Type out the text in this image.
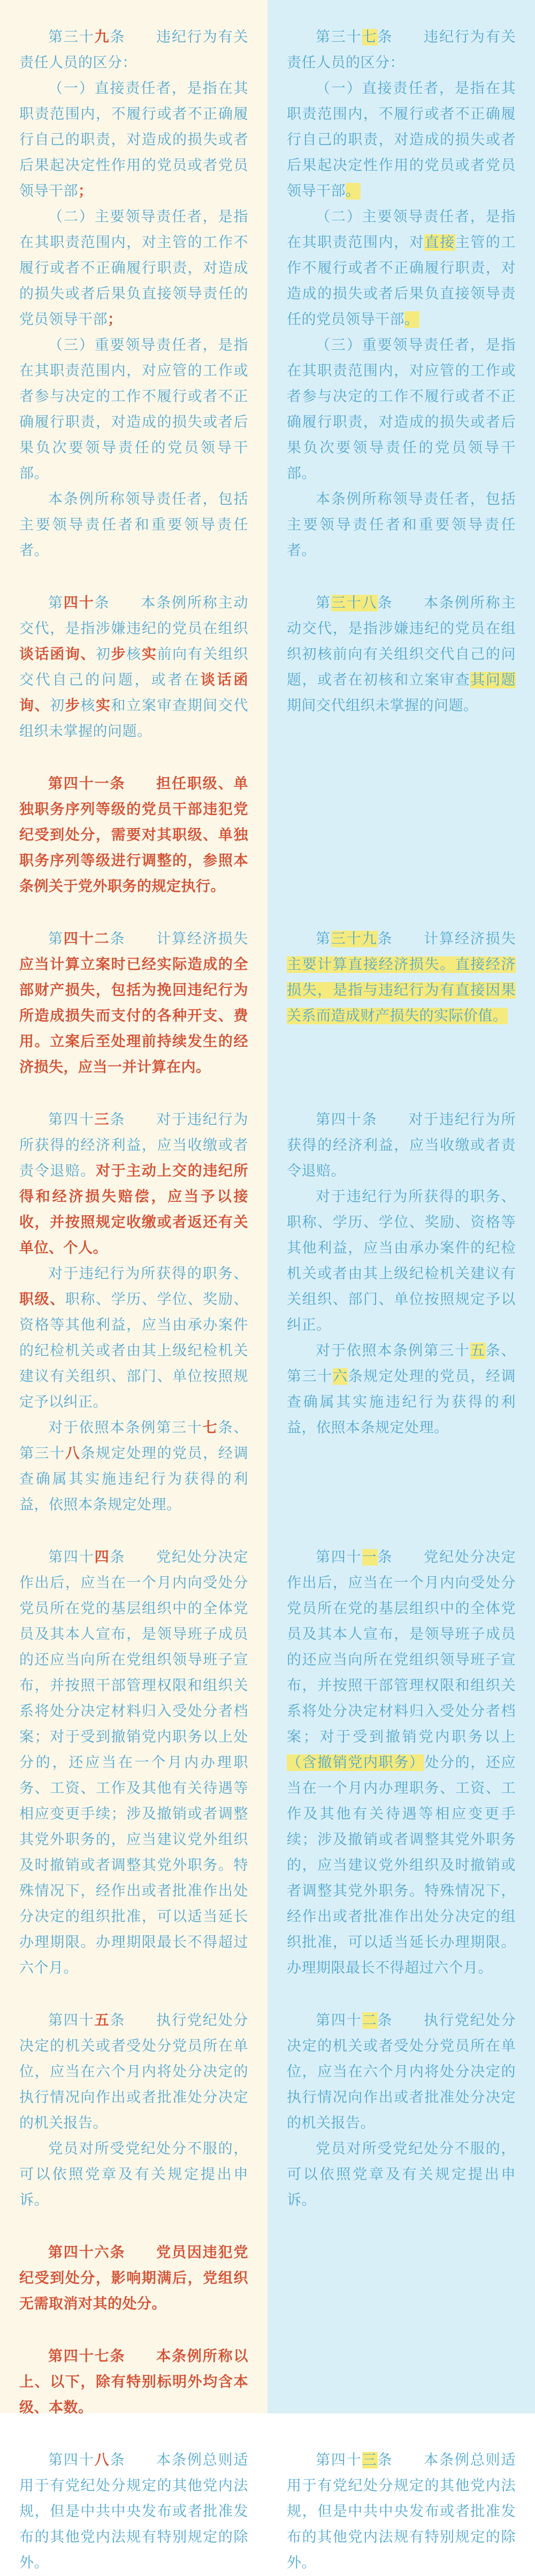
第三十九条　　违纪行为有关责任人员的区分：

（一）直接责任者，是指在其职责范围内，不履行或者不正确履行自己的职责，对造成的损失或者后果起决定性作用的党员或者党员领导干部；

（二）主要领导责任者，是指在其职责范围内，对主管的工作不履行或者不正确履行职责，对造成的损失或者后果负直接领导责任的党员领导干部；

（三）重要领导责任者，是指在其职责范围内，对应管的工作或者参与决定的工作不履行或者不正确履行职责，对造成的损失或者后果负次要领导责任的党员领导干部。

本条例所称领导责任者，包括主要领导责任者和重要领导责任者。

第三十七条　　违纪行为有关责任人员的区分：

（一）直接责任者，是指在其职责范围内，不履行或者不正确履行自己的职责，对造成的损失或者后果起决定性作用的党员或者党员领导干部。

（二）主要领导责任者，是指在其职责范围内，对直接主管的工作不履行或者不正确履行职责，对造成的损失或者后果负直接领导责任的党员领导干部。

（三）重要领导责任者，是指在其职责范围内，对应管的工作或者参与决定的工作不履行或者不正确履行职责，对造成的损失或者后果负次要领导责任的党员领导干部。

本条例所称领导责任者，包括主要领导责任者和重要领导责任者。

第四十条　　本条例所称主动交代，是指涉嫌违纪的党员在组织谈话函询、初步核实前向有关组织交代自己的问题，或者在谈话函询、初步核实和立案审查期间交代组织未掌握的问题。

第三十八条　　本条例所称主动交代，是指涉嫌违纪的党员在组织初核前向有关组织交代自己的问题，或者在初核和立案审查其问题期间交代组织未掌握的问题。

第四十一条　　担任职级、单独职务序列等级的党员干部违犯党纪受到处分，需要对其职级、单独职务序列等级进行调整的，参照本条例关于党外职务的规定执行。

第四十二条　　计算经济损失应当计算立案时已经实际造成的全部财产损失，包括为挽回违纪行为所造成损失而支付的各种开支、费用。立案后至处理前持续发生的经济损失，应当一并计算在内。

第三十九条　　计算经济损失主要计算直接经济损失。直接经济损失，是指与违纪行为有直接因果关系而造成财产损失的实际价值。

第四十三条　　对于违纪行为所获得的经济利益，应当收缴或者责令退赔。对于主动上交的违纪所得和经济损失赔偿，应当予以接收，并按照规定收缴或者返还有关单位、个人。

对于违纪行为所获得的职务、职级、职称、学历、学位、奖励、资格等其他利益，应当由承办案件的纪检机关或者由其上级纪检机关建议有关组织、部门、单位按照规定予以纠正。

对于依照本条例第三十七条、第三十八条规定处理的党员，经调查确属其实施违纪行为获得的利益，依照本条规定处理。

第四十条　　对于违纪行为所获得的经济利益，应当收缴或者责令退赔。

对于违纪行为所获得的职务、职称、学历、学位、奖励、资格等其他利益，应当由承办案件的纪检机关或者由其上级纪检机关建议有关组织、部门、单位按照规定予以纠正。

对于依照本条例第三十五条、第三十六条规定处理的党员，经调查确属其实施违纪行为获得的利益，依照本条规定处理。

第四十四条　　党纪处分决定作出后，应当在一个月内向受处分党员所在党的基层组织中的全体党员及其本人宣布，是领导班子成员的还应当向所在党组织领导班子宣布，并按照干部管理权限和组织关系将处分决定材料归入受处分者档案；对于受到撤销党内职务以上处分的，还应当在一个月内办理职务、工资、工作及其他有关待遇等相应变更手续；涉及撤销或者调整其党外职务的，应当建议党外组织及时撤销或者调整其党外职务。特殊情况下，经作出或者批准作出处分决定的组织批准，可以适当延长办理期限。办理期限最长不得超过六个月。

第四十一条　　党纪处分决定作出后，应当在一个月内向受处分党员所在党的基层组织中的全体党员及其本人宣布，是领导班子成员的还应当向所在党组织领导班子宣布，并按照干部管理权限和组织关系将处分决定材料归入受处分者档案；对于受到撤销党内职务以上（含撤销党内职务）处分的，还应当在一个月内办理职务、工资、工作及其他有关待遇等相应变更手续；涉及撤销或者调整其党外职务的，应当建议党外组织及时撤销或者调整其党外职务。特殊情况下，经作出或者批准作出处分决定的组织批准，可以适当延长办理期限。办理期限最长不得超过六个月。

第四十五条　　执行党纪处分决定的机关或者受处分党员所在单位，应当在六个月内将处分决定的执行情况向作出或者批准处分决定的机关报告。

党员对所受党纪处分不服的，可以依照党章及有关规定提出申诉。

第四十二条　　执行党纪处分决定的机关或者受处分党员所在单位，应当在六个月内将处分决定的执行情况向作出或者批准处分决定的机关报告。

党员对所受党纪处分不服的，可以依照党章及有关规定提出申诉。

第四十六条　　党员因违犯党纪受到处分，影响期满后，党组织无需取消对其的处分。

第四十七条　　本条例所称以上、以下，除有特别标明外均含本级、本数。

第四十八条　　本条例总则适用于有党纪处分规定的其他党内法规，但是中共中央发布或者批准发布的其他党内法规有特别规定的除外。

第四十三条　　本条例总则适用于有党纪处分规定的其他党内法规，但是中共中央发布或者批准发布的其他党内法规有特别规定的除外。
